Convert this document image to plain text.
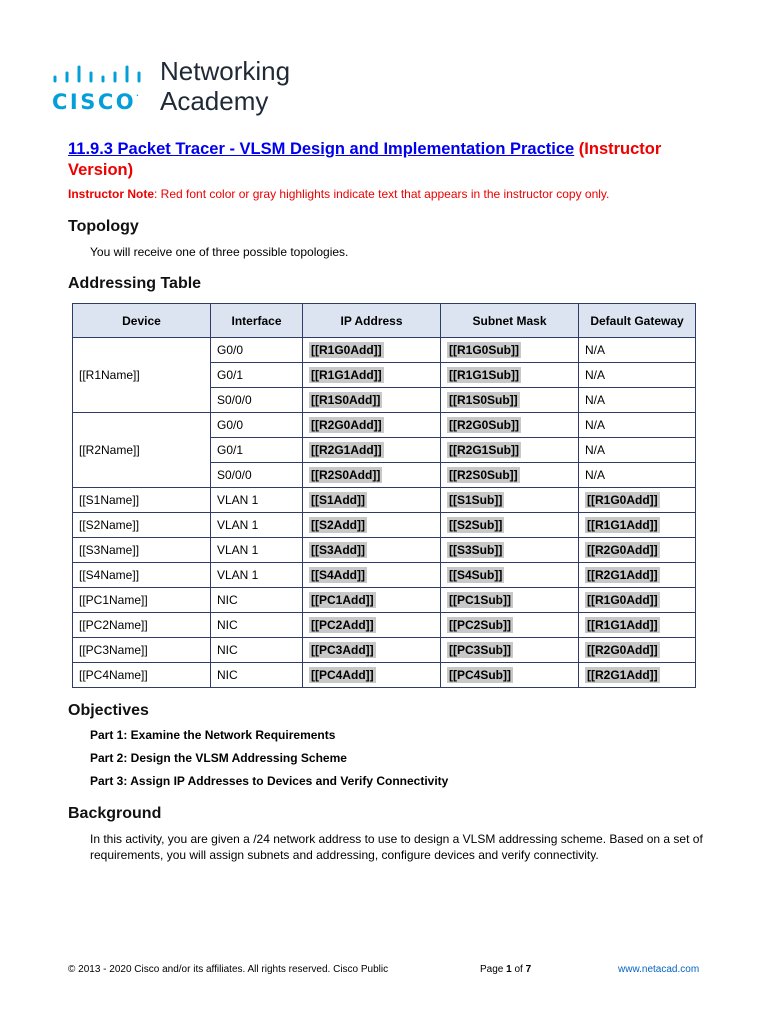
CISCO.
Networking
Academy
11.9.3 Packet Tracer - VLSM Design and Implementation Practice (Instructor Version)
Instructor Note: Red font color or gray highlights indicate text that appears in the instructor copy only.
Topology
You will receive one of three possible topologies.
Addressing Table
Device	Interface	IP Address	Subnet Mask	Default Gateway
[[R1Name]]	G0/0	[[R1G0Add]]	[[R1G0Sub]]	N/A
	G0/1	[[R1G1Add]]	[[R1G1Sub]]	N/A
	S0/0/0	[[R1S0Add]]	[[R1S0Sub]]	N/A
[[R2Name]]	G0/0	[[R2G0Add]]	[[R2G0Sub]]	N/A
	G0/1	[[R2G1Add]]	[[R2G1Sub]]	N/A
	S0/0/0	[[R2S0Add]]	[[R2S0Sub]]	N/A
[[S1Name]]	VLAN 1	[[S1Add]]	[[S1Sub]]	[[R1G0Add]]
[[S2Name]]	VLAN 1	[[S2Add]]	[[S2Sub]]	[[R1G1Add]]
[[S3Name]]	VLAN 1	[[S3Add]]	[[S3Sub]]	[[R2G0Add]]
[[S4Name]]	VLAN 1	[[S4Add]]	[[S4Sub]]	[[R2G1Add]]
[[PC1Name]]	NIC	[[PC1Add]]	[[PC1Sub]]	[[R1G0Add]]
[[PC2Name]]	NIC	[[PC2Add]]	[[PC2Sub]]	[[R1G1Add]]
[[PC3Name]]	NIC	[[PC3Add]]	[[PC3Sub]]	[[R2G0Add]]
[[PC4Name]]	NIC	[[PC4Add]]	[[PC4Sub]]	[[R2G1Add]]
Objectives
Part 1: Examine the Network Requirements
Part 2: Design the VLSM Addressing Scheme
Part 3: Assign IP Addresses to Devices and Verify Connectivity
Background
In this activity, you are given a /24 network address to use to design a VLSM addressing scheme. Based on a set of requirements, you will assign subnets and addressing, configure devices and verify connectivity.
© 2013 - 2020 Cisco and/or its affiliates. All rights reserved. Cisco Public	Page 1 of 7	www.netacad.com
